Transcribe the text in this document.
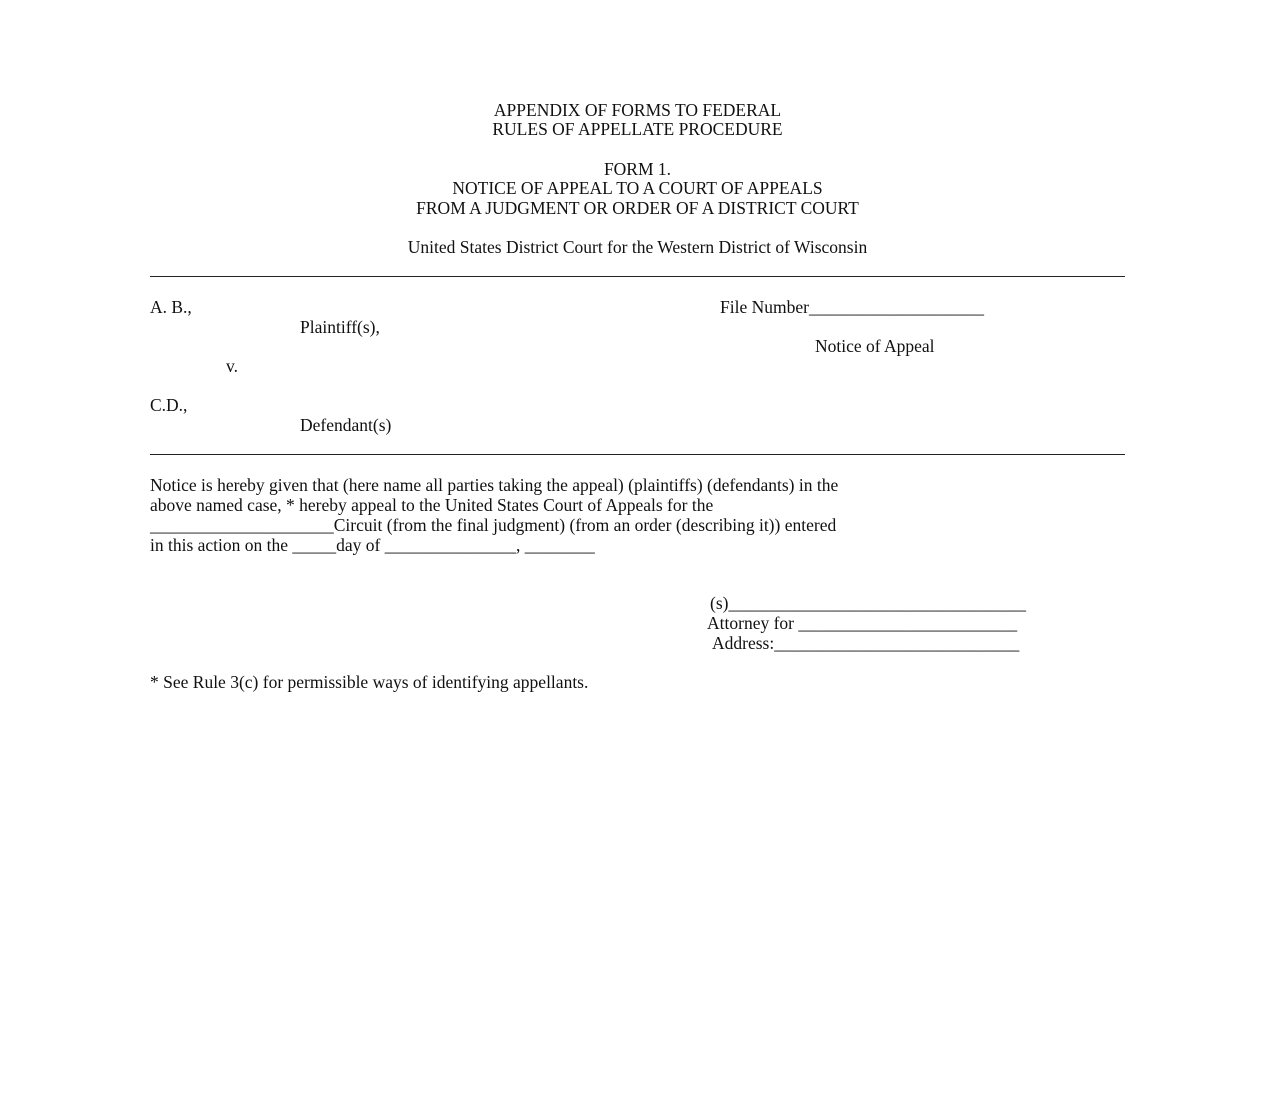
APPENDIX OF FORMS TO FEDERAL
RULES OF APPELLATE PROCEDURE
FORM 1.
NOTICE OF APPEAL TO A COURT OF APPEALS
FROM A JUDGMENT OR ORDER OF A DISTRICT COURT
United States District Court for the Western District of Wisconsin
A. B.,
Plaintiff(s),
v.
C.D.,
Defendant(s)
File Number____________________
Notice of Appeal
Notice is hereby given that (here name all parties taking the appeal) (plaintiffs) (defendants) in the
above named case, * hereby appeal to the United States Court of Appeals for the
_____________________Circuit (from the final judgment) (from an order (describing it)) entered
in this action on the _____day of _______________, ________
(s)__________________________________
Attorney for _________________________
Address:____________________________
* See Rule 3(c) for permissible ways of identifying appellants.
